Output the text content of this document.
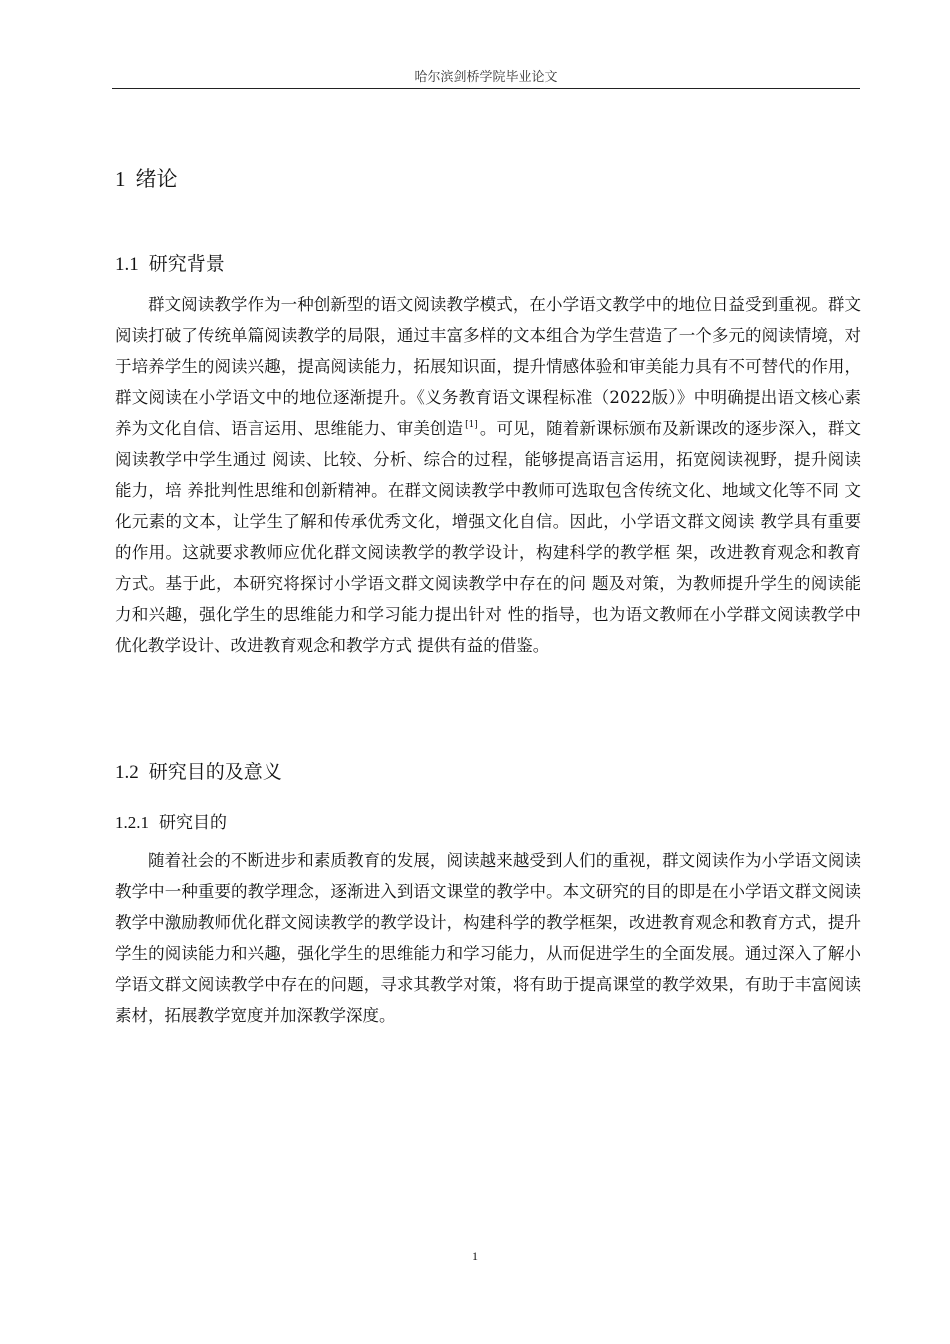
哈尔滨剑桥学院毕业论文
1 绪论
1.1 研究背景

群文阅读教学作为一种创新型的语文阅读教学模式，在小学语文教学中的地位日益受到重视。群文阅读打破了传统单篇阅读教学的局限，通过丰富多样的文本组合为学生营造了一个多元的阅读情境，对于培养学生的阅读兴趣，提高阅读能力，拓展知识面，提升情感体验和审美能力具有不可替代的作用，群文阅读在小学语文中的地位逐渐提升。《义务教育语文课程标准（2022版）》中明确提出语文核心素养为文化自信、语言运用、思维能力、审美创造 [1] 。可见，随着新课标颁布及新课改的逐步深入，群文阅读教学中学生通过 阅读、比较、分析、综合的过程，能够提高语言运用，拓宽阅读视野，提升阅读能力，培 养批判性思维和创新精神。在群文阅读教学中教师可选取包含传统文化、地域文化等不同 文化元素的文本，让学生了解和传承优秀文化，增强文化自信。因此，小学语文群文阅读 教学具有重要的作用。这就要求教师应优化群文阅读教学的教学设计，构建科学的教学框 架，改进教育观念和教育方式。基于此，本研究将探讨小学语文群文阅读教学中存在的问 题及对策，为教师提升学生的阅读能力和兴趣，强化学生的思维能力和学习能力提出针对 性的指导，也为语文教师在小学群文阅读教学中优化教学设计、改进教育观念和教学方式 提供有益的借鉴。

1.2 研究目的及意义
1.2.1 研究目的

随着社会的不断进步和素质教育的发展，阅读越来越受到人们的重视，群文阅读作为小学语文阅读教学中一种重要的教学理念，逐渐进入到语文课堂的教学中。本文研究的目的即是在小学语文群文阅读教学中激励教师优化群文阅读教学的教学设计，构建科学的教学框架，改进教育观念和教育方式，提升学生的阅读能力和兴趣，强化学生的思维能力和学习能力，从而促进学生的全面发展。通过深入了解小学语文群文阅读教学中存在的问题，寻求其教学对策，将有助于提高课堂的教学效果，有助于丰富阅读素材，拓展教学宽度并加深教学深度。

1
